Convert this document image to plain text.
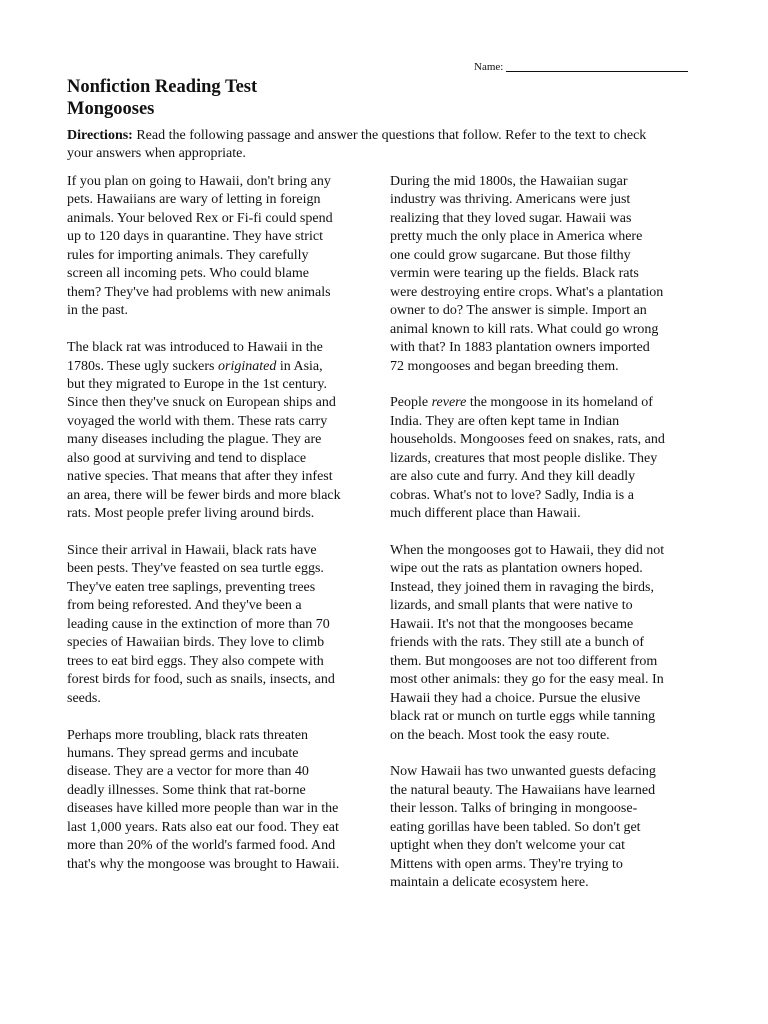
Name:
Nonfiction Reading Test
Mongooses
Directions: Read the following passage and answer the questions that follow. Refer to the text to check
your answers when appropriate.

If you plan on going to Hawaii, don't bring any
pets. Hawaiians are wary of letting in foreign
animals. Your beloved Rex or Fi-fi could spend
up to 120 days in quarantine. They have strict
rules for importing animals. They carefully
screen all incoming pets. Who could blame
them? They've had problems with new animals
in the past.

The black rat was introduced to Hawaii in the
1780s. These ugly suckers originated in Asia,
but they migrated to Europe in the 1st century.
Since then they've snuck on European ships and
voyaged the world with them. These rats carry
many diseases including the plague. They are
also good at surviving and tend to displace
native species. That means that after they infest
an area, there will be fewer birds and more black
rats. Most people prefer living around birds.

Since their arrival in Hawaii, black rats have
been pests. They've feasted on sea turtle eggs.
They've eaten tree saplings, preventing trees
from being reforested. And they've been a
leading cause in the extinction of more than 70
species of Hawaiian birds. They love to climb
trees to eat bird eggs. They also compete with
forest birds for food, such as snails, insects, and
seeds.

Perhaps more troubling, black rats threaten
humans. They spread germs and incubate
disease. They are a vector for more than 40
deadly illnesses. Some think that rat-borne
diseases have killed more people than war in the
last 1,000 years. Rats also eat our food. They eat
more than 20% of the world's farmed food. And
that's why the mongoose was brought to Hawaii.

During the mid 1800s, the Hawaiian sugar
industry was thriving. Americans were just
realizing that they loved sugar. Hawaii was
pretty much the only place in America where
one could grow sugarcane. But those filthy
vermin were tearing up the fields. Black rats
were destroying entire crops. What's a plantation
owner to do? The answer is simple. Import an
animal known to kill rats. What could go wrong
with that? In 1883 plantation owners imported
72 mongooses and began breeding them.

People revere the mongoose in its homeland of
India. They are often kept tame in Indian
households. Mongooses feed on snakes, rats, and
lizards, creatures that most people dislike. They
are also cute and furry. And they kill deadly
cobras. What's not to love? Sadly, India is a
much different place than Hawaii.

When the mongooses got to Hawaii, they did not
wipe out the rats as plantation owners hoped.
Instead, they joined them in ravaging the birds,
lizards, and small plants that were native to
Hawaii. It's not that the mongooses became
friends with the rats. They still ate a bunch of
them. But mongooses are not too different from
most other animals: they go for the easy meal. In
Hawaii they had a choice. Pursue the elusive
black rat or munch on turtle eggs while tanning
on the beach. Most took the easy route.

Now Hawaii has two unwanted guests defacing
the natural beauty. The Hawaiians have learned
their lesson. Talks of bringing in mongoose-
eating gorillas have been tabled. So don't get
uptight when they don't welcome your cat
Mittens with open arms. They're trying to
maintain a delicate ecosystem here.
